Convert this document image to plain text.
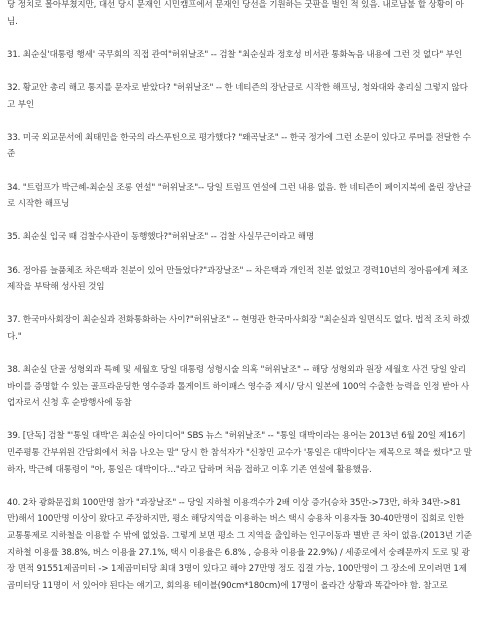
당 정치로 몰아부쳤지만, 대선 당시 문재인 시민캠프에서 문재인 당선을 기원하는 굿판을 벌인 적 있음. 내로남불 할 상황이 아님.

31. 최순실'대통령 행세' 국무회의 직접 관여"허위날조" -- 검찰 "최순실과 정호성 비서관 통화녹음 내용에 그런 것 없다" 부인

32. 황교안 총리 해고 통지를 문자로 받았다? "허위날조" -- 한 네티즌의 장난글로 시작한 해프닝, 청와대와 총리실 그렇지 않다고 부인

33. 미국 외교문서에 최태민을 한국의 라스푸틴으로 평가했다? "왜곡날조" -- 한국 정가에 그런 소문이 있다고 루머를 전달한 수준

34. "트럼프가 박근혜-최순실 조롱 연설" "허위날조"-- 당일 트럼프 연설에 그런 내용 없음. 한 네티즌이 페이지북에 올린 장난글로 시작한 해프닝

35. 최순실 입국 때 검찰수사관이 동행했다?"허위날조" -- 검찰 사실무근이라고 해명

36. 정아름 늘품체조 차은택과 친분이 있어 만들었다?"과장날조" -- 차은택과 개인적 친분 없었고 경력10년의 정아름에게 체조 제작을 부탁해 성사된 것임

37. 한국마사회장이 최순실과 전화통화하는 사이?"허위날조" -- 현명관 한국마사회장 "최순실과 일면식도 없다. 법적 조치 하겠다."

38. 최순실 단골 성형외과 특혜 및 세월호 당일 대통령 성형시술 의혹 "허위날조" -- 해당 성형외과 원장 세월호 사건 당일 알리바이를 증명할 수 있는 골프라운딩한 영수증과 톨게이트 하이패스 영수증 제시/ 당시 일본에 100억 수출한 능력을 인정 받아 사업자로서 신청 후 순방행사에 동참

39. [단독] 검찰 "'통일 대박'은 최순실 아이디어" SBS 뉴스 "허위날조" -- "통일 대박이라는 용어는 2013년 6월 20일 제16기 민주평통 간부위원 간담회에서 처음 나오는 말" 당시 한 참석자가 "신창민 교수가 '통일은 대박이다'는 제목으로 책을 썼다"고 말하자, 박근혜 대통령이 "아, 통일은 대박이다…"라고 답하며 처음 접하고 이후 기존 연설에 활용했음.

40. 2차 광화문집회 100만명 참가 "과장날조" -- 당일 지하철 이용객수가 2배 이상 증가(승차 35만->73만, 하차 34만->81만)해서 100만명 이상이 왔다고 주장하지만, 평소 해당지역을 이용하는 버스 택시 승용차 이용자들 30-40만명이 집회로 인한 교통통제로 지하철을 이용할 수 밖에 없었음. 그렇게 보면 평소 그 지역을 출입하는 인구이동과 별반 큰 차이 없음.(2013년 기준 지하철 이용률 38.8%, 버스 이용율 27.1%, 택시 이용율은 6.8% , 승용차 이용율 22.9%) / 세종로에서 숭례문까지 도로 및 광장 면적 91551제곱미터 -> 1제곱미터당 최대 3명이 있다고 해야 27만명 정도 집결 가능, 100만명이 그 장소에 모이려면 1제곱미터당 11명이 서 있어야 된다는 얘기고, 회의용 테이블(90cm*180cm)에 17명이 올라간 상황과 똑같아야 함. 참고로
